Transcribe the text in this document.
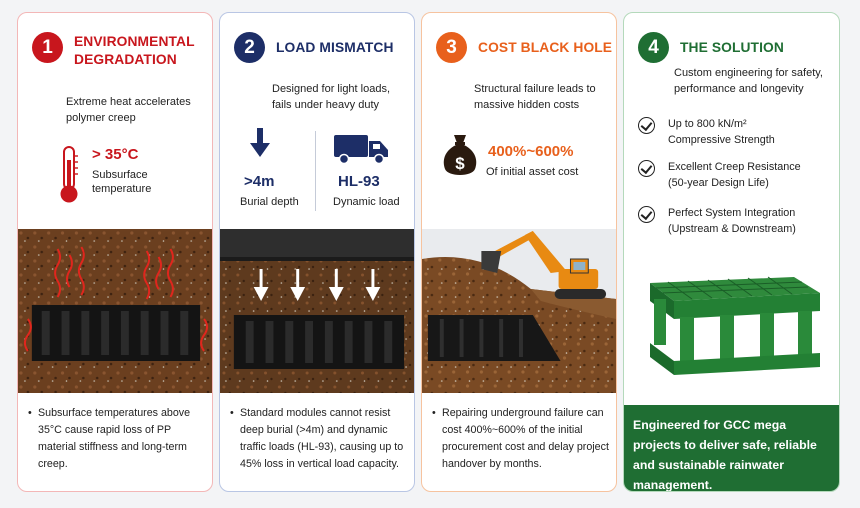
1	ENVIRONMENTAL DEGRADATION
Extreme heat accelerates polymer creep
> 35°C
Subsurface temperature
• Subsurface temperatures above 35°C cause rapid loss of PP material stiffness and long-term creep.
2	LOAD MISMATCH
Designed for light loads, fails under heavy duty
>4m
Burial depth
HL-93
Dynamic load
• Standard modules cannot resist deep burial (>4m) and dynamic traffic loads (HL-93), causing up to 45% loss in vertical load capacity.
3	COST BLACK HOLE
Structural failure leads to massive hidden costs
$
400%~600%
Of initial asset cost
• Repairing underground failure can cost 400%~600% of the initial procurement cost and delay project handover by months.
4	THE SOLUTION
Custom engineering for safety, performance and longevity
Up to 800 kN/m²
Compressive Strength
Excellent Creep Resistance
(50-year Design Life)
Perfect System Integration
(Upstream & Downstream)
Engineered for GCC mega projects to deliver safe, reliable and sustainable rainwater management.
